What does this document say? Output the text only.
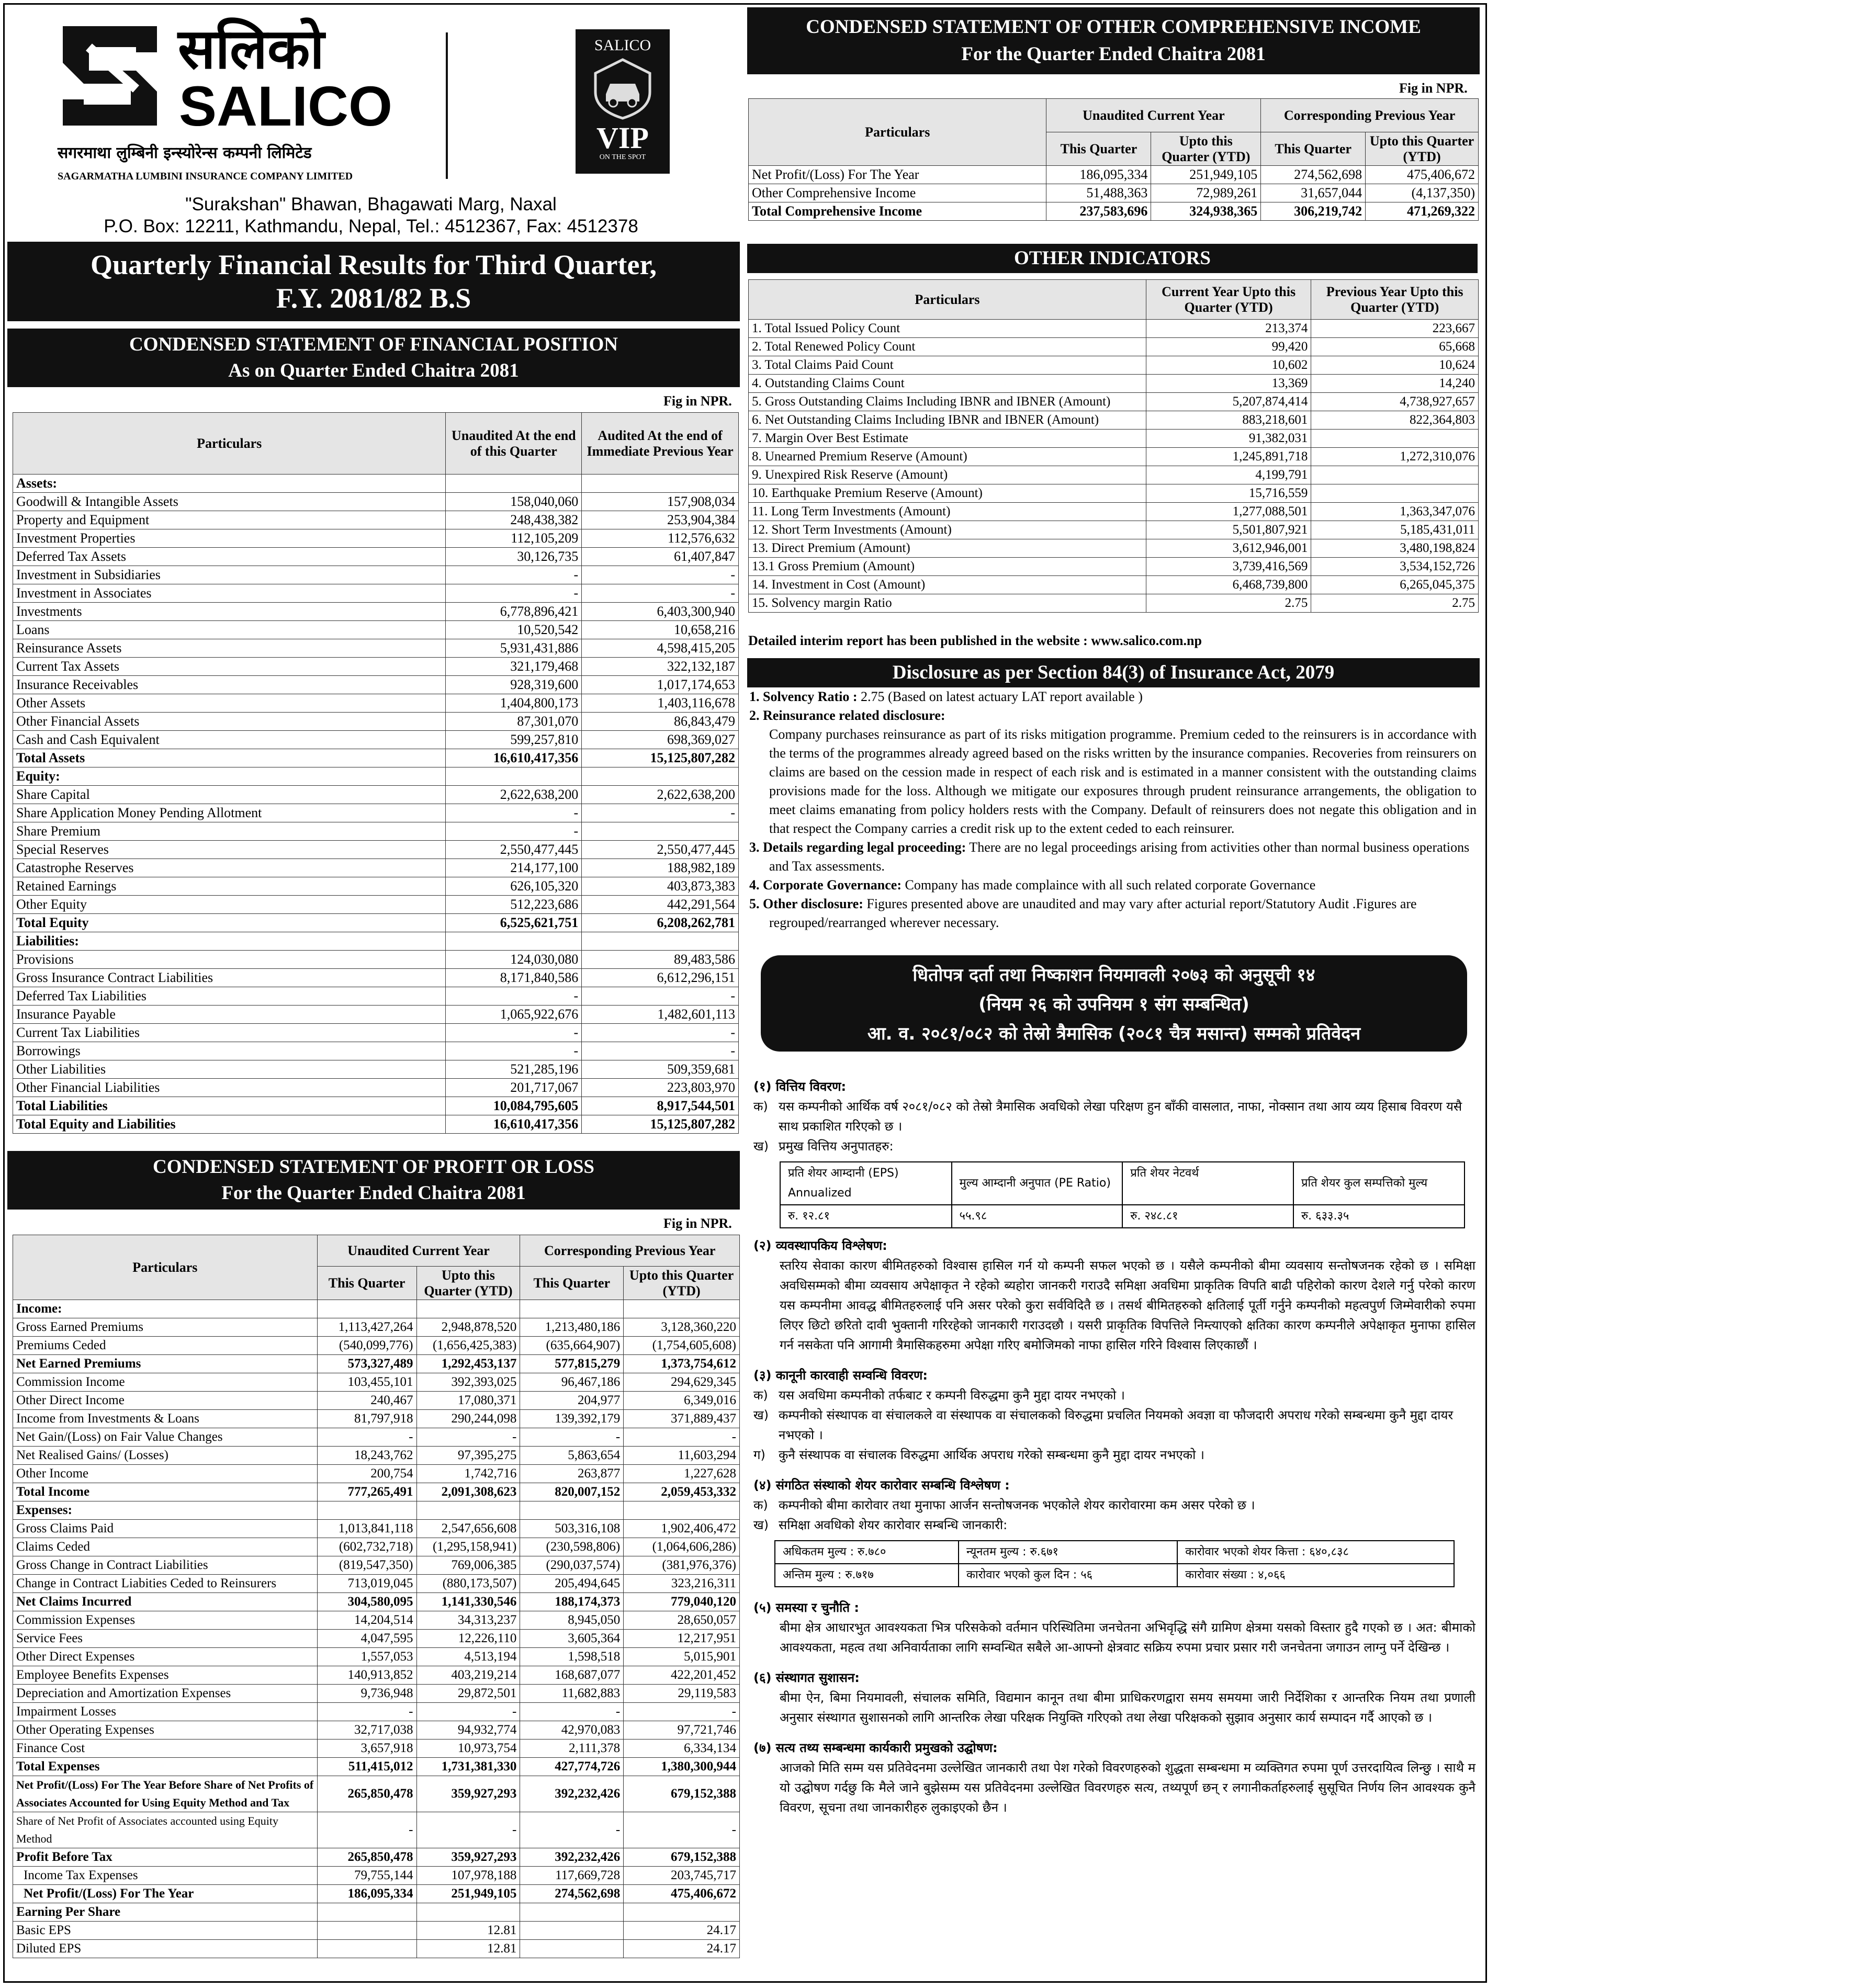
सलिको
SALICO
सगरमाथा लुम्बिनी इन्स्योरेन्स कम्पनी लिमिटेड
SAGARMATHA LUMBINI INSURANCE COMPANY LIMITED
SALICO
VIP
ON THE SPOT
"Surakshan" Bhawan, Bhagawati Marg, Naxal
P.O. Box: 12211, Kathmandu, Nepal, Tel.: 4512367, Fax: 4512378
Quarterly Financial Results for Third Quarter,
F.Y. 2081/82 B.S
CONDENSED STATEMENT OF FINANCIAL POSITION
As on Quarter Ended Chaitra 2081
Fig in NPR.
Particulars	Unaudited At the end of this Quarter	Audited At the end of Immediate Previous Year
Assets:		
Goodwill & Intangible Assets	158,040,060	157,908,034
Property and Equipment	248,438,382	253,904,384
Investment Properties	112,105,209	112,576,632
Deferred Tax Assets	30,126,735	61,407,847
Investment in Subsidiaries	-	-
Investment in Associates	-	-
Investments	6,778,896,421	6,403,300,940
Loans	10,520,542	10,658,216
Reinsurance Assets	5,931,431,886	4,598,415,205
Current Tax Assets	321,179,468	322,132,187
Insurance Receivables	928,319,600	1,017,174,653
Other Assets	1,404,800,173	1,403,116,678
Other Financial Assets	87,301,070	86,843,479
Cash and Cash Equivalent	599,257,810	698,369,027
Total Assets	16,610,417,356	15,125,807,282
Equity:		
Share Capital	2,622,638,200	2,622,638,200
Share Application Money Pending Allotment	-	-
Share Premium	-	
Special Reserves	2,550,477,445	2,550,477,445
Catastrophe Reserves	214,177,100	188,982,189
Retained Earnings	626,105,320	403,873,383
Other Equity	512,223,686	442,291,564
Total Equity	6,525,621,751	6,208,262,781
Liabilities:		
Provisions	124,030,080	89,483,586
Gross Insurance Contract Liabilities	8,171,840,586	6,612,296,151
Deferred Tax Liabilities	-	-
Insurance Payable	1,065,922,676	1,482,601,113
Current Tax Liabilities	-	-
Borrowings	-	-
Other Liabilities	521,285,196	509,359,681
Other Financial Liabilities	201,717,067	223,803,970
Total Liabilities	10,084,795,605	8,917,544,501
Total Equity and Liabilities	16,610,417,356	15,125,807,282
CONDENSED STATEMENT OF PROFIT OR LOSS
For the Quarter Ended Chaitra 2081
Fig in NPR.
Particulars	Unaudited Current Year		Corresponding Previous Year	
	This Quarter	Upto this Quarter (YTD)	This Quarter	Upto this Quarter (YTD)
Income:				
Gross Earned Premiums	1,113,427,264	2,948,878,520	1,213,480,186	3,128,360,220
Premiums Ceded	(540,099,776)	(1,656,425,383)	(635,664,907)	(1,754,605,608)
Net Earned Premiums	573,327,489	1,292,453,137	577,815,279	1,373,754,612
Commission Income	103,455,101	392,393,025	96,467,186	294,629,345
Other Direct Income	240,467	17,080,371	204,977	6,349,016
Income from Investments & Loans	81,797,918	290,244,098	139,392,179	371,889,437
Net Gain/(Loss) on Fair Value Changes	-	-	-	-
Net Realised Gains/ (Losses)	18,243,762	97,395,275	5,863,654	11,603,294
Other Income	200,754	1,742,716	263,877	1,227,628
Total Income	777,265,491	2,091,308,623	820,007,152	2,059,453,332
Expenses:				
Gross Claims Paid	1,013,841,118	2,547,656,608	503,316,108	1,902,406,472
Claims Ceded	(602,732,718)	(1,295,158,941)	(230,598,806)	(1,064,606,286)
Gross Change in Contract Liabilities	(819,547,350)	769,006,385	(290,037,574)	(381,976,376)
Change in Contract Liabities Ceded to Reinsurers	713,019,045	(880,173,507)	205,494,645	323,216,311
Net Claims Incurred	304,580,095	1,141,330,546	188,174,373	779,040,120
Commission Expenses	14,204,514	34,313,237	8,945,050	28,650,057
Service Fees	4,047,595	12,226,110	3,605,364	12,217,951
Other Direct Expenses	1,557,053	4,513,194	1,598,518	5,015,901
Employee Benefits Expenses	140,913,852	403,219,214	168,687,077	422,201,452
Depreciation and Amortization Expenses	9,736,948	29,872,501	11,682,883	29,119,583
Impairment Losses	-	-	-	-
Other Operating Expenses	32,717,038	94,932,774	42,970,083	97,721,746
Finance Cost	3,657,918	10,973,754	2,111,378	6,334,134
Total Expenses	511,415,012	1,731,381,330	427,774,726	1,380,300,944
Net Profit/(Loss) For The Year Before Share of Net Profits of Associates Accounted for Using Equity Method and Tax	265,850,478	359,927,293	392,232,426	679,152,388
Share of Net Profit of Associates accounted using Equity Method	-	-	-	-
Profit Before Tax	265,850,478	359,927,293	392,232,426	679,152,388
Income Tax Expenses	79,755,144	107,978,188	117,669,728	203,745,717
Net Profit/(Loss) For The Year	186,095,334	251,949,105	274,562,698	475,406,672
Earning Per Share				
Basic EPS		12.81		24.17
Diluted EPS		12.81		24.17
CONDENSED STATEMENT OF OTHER COMPREHENSIVE INCOME
For the Quarter Ended Chaitra 2081
Fig in NPR.
Particulars	Unaudited Current Year		Corresponding Previous Year	
	This Quarter	Upto this Quarter (YTD)	This Quarter	Upto this Quarter (YTD)
Net Profit/(Loss) For The Year	186,095,334	251,949,105	274,562,698	475,406,672
Other Comprehensive Income	51,488,363	72,989,261	31,657,044	(4,137,350)
Total Comprehensive Income	237,583,696	324,938,365	306,219,742	471,269,322
OTHER INDICATORS
Particulars	Current Year Upto this Quarter (YTD)	Previous Year Upto this Quarter (YTD)
1. Total Issued Policy Count	213,374	223,667
2. Total Renewed Policy Count	99,420	65,668
3. Total Claims Paid Count	10,602	10,624
4. Outstanding Claims Count	13,369	14,240
5. Gross Outstanding Claims Including IBNR and IBNER (Amount)	5,207,874,414	4,738,927,657
6. Net Outstanding Claims Including IBNR and IBNER (Amount)	883,218,601	822,364,803
7. Margin Over Best Estimate	91,382,031	
8. Unearned Premium Reserve (Amount)	1,245,891,718	1,272,310,076
9. Unexpired Risk Reserve (Amount)	4,199,791	
10. Earthquake Premium Reserve (Amount)	15,716,559	
11. Long Term Investments (Amount)	1,277,088,501	1,363,347,076
12. Short Term Investments (Amount)	5,501,807,921	5,185,431,011
13. Direct Premium (Amount)	3,612,946,001	3,480,198,824
13.1 Gross Premium (Amount)	3,739,416,569	3,534,152,726
14. Investment in Cost (Amount)	6,468,739,800	6,265,045,375
15. Solvency margin Ratio	2.75	2.75
Detailed interim report has been published in the website : www.salico.com.np
Disclosure as per Section 84(3) of Insurance Act, 2079

1. Solvency Ratio : 2.75 (Based on latest actuary LAT report available )

2. Reinsurance related disclosure:

Company purchases reinsurance as part of its risks mitigation programme. Premium ceded to the reinsurers is in accordance with the terms of the programmes already agreed based on the risks written by the insurance companies. Recoveries from reinsurers on claims are based on the cession made in respect of each risk and is estimated in a manner consistent with the outstanding claims provisions made for the loss. Although we mitigate our exposures through prudent reinsurance arrangements, the obligation to meet claims emanating from policy holders rests with the Company. Default of reinsurers does not negate this obligation and in that respect the Company carries a credit risk up to the extent ceded to each reinsurer.

3. Details regarding legal proceeding: There are no legal proceedings arising from activities other than normal business operations and Tax assessments.

4. Corporate Governance: Company has made complaince with all such related corporate Governance

5. Other disclosure: Figures presented above are unaudited and may vary after acturial report/Statutory Audit .Figures are regrouped/rearranged wherever necessary.

धितोपत्र दर्ता तथा निष्काशन नियमावली २०७३ को अनुसूची १४
(नियम २६ को उपनियम १ संग सम्बन्धित)
आ. व. २०८१/०८२ को तेस्रो त्रैमासिक (२०८१ चैत्र मसान्त) सम्मको प्रतिवेदन
(१) वित्तिय विवरण:
क) यस कम्पनीको आर्थिक वर्ष २०८१/०८२ को तेस्रो त्रैमासिक अवधिको लेखा परिक्षण हुन बाँकी वासलात, नाफा, नोक्सान तथा आय व्यय हिसाब विवरण यसै साथ प्रकाशित गरिएको छ ।
ख) प्रमुख वित्तिय अनुपातहरु:
प्रति शेयर आम्दानी (EPS) Annualized	मुल्य आम्दानी अनुपात (PE Ratio)	प्रति शेयर नेटवर्थ	प्रति शेयर कुल सम्पत्तिको मुल्य
रु. १२.८१	५५.९८	रु. २४८.८१	रु. ६३३.३५
(२) व्यवस्थापकिय विश्लेषण:
स्तरिय सेवाका कारण बीमितहरुको विश्वास हासिल गर्न यो कम्पनी सफल भएको छ । यसैले कम्पनीको बीमा व्यवसाय सन्तोषजनक रहेको छ । समिक्षा अवधिसम्मको बीमा व्यवसाय अपेक्षाकृत ने रहेको ब्यहोरा जानकरी गराउदै समिक्षा अवधिमा प्राकृतिक विपति बाढी पहिरोको कारण देशले गर्नु परेको कारण यस कम्पनीमा आवद्ध बीमितहरुलाई पनि असर परेको कुरा सर्वविदितै छ । तसर्थ बीमितहरुको क्षतिलाई पूर्ती गर्नुने कम्पनीको महत्वपुर्ण जिम्मेवारीको रुपमा लिएर छिटो छरितो दावी भुक्तानी गरिरहेको जानकारी गराउदछौ । यसरी प्राकृतिक विपत्तिले निम्त्याएको क्षतिका कारण कम्पनीले अपेक्षाकृत मुनाफा हासिल गर्न नसकेता पनि आगामी त्रैमासिकहरुमा अपेक्षा गरिए बमोजिमको नाफा हासिल गरिने विश्वास लिएकाछौं ।
(३) कानूनी कारवाही सम्वन्धि विवरण:
क) यस अवधिमा कम्पनीको तर्फबाट र कम्पनी विरुद्धमा कुनै मुद्दा दायर नभएको ।
ख) कम्पनीको संस्थापक वा संचालकले वा संस्थापक वा संचालकको विरुद्धमा प्रचलित नियमको अवज्ञा वा फौजदारी अपराध गरेको सम्बन्धमा कुनै मुद्दा दायर नभएको ।
ग)	कुनै संस्थापक वा संचालक विरुद्धमा आर्थिक अपराध गरेको सम्बन्धमा कुनै मुद्दा दायर नभएको ।
(४) संगठित संस्थाको शेयर कारोवार सम्बन्धि विश्लेषण :
क) कम्पनीको बीमा कारोवार तथा मुनाफा आर्जन सन्तोषजनक भएकोले शेयर कारोवारमा कम असर परेको छ ।
ख) समिक्षा अवधिको शेयर कारोवार सम्बन्धि जानकारी:
अधिकतम मुल्य : रु.७८०	न्यूनतम मुल्य : रु.६७१	कारोवार भएको शेयर कित्ता : ६४०,८३८
अन्तिम मुल्य : रु.७१७	कारोवार भएको कुल दिन : ५६	कारोवार संख्या : ४,०६६
(५) समस्या र चुनौति :
बीमा क्षेत्र आधारभुत आवश्यकता भित्र परिसकेको वर्तमान परिस्थितिमा जनचेतना अभिवृद्धि संगै ग्रामिण क्षेत्रमा यसको विस्तार हुदै गएको छ । अत: बीमाको आवश्यकता, महत्व तथा अनिवार्यताका लागि सम्वन्धित सबैले आ-आफ्नो क्षेत्रवाट सक्रिय रुपमा प्रचार प्रसार गरी जनचेतना जगाउन लाग्नु पर्ने देखिन्छ ।
(६) संस्थागत सुशासन:
बीमा ऐन, बिमा नियमावली, संचालक समिति, विद्यमान कानून तथा बीमा प्राधिकरणद्वारा समय समयमा जारी निर्देशिका र आन्तरिक नियम तथा प्रणाली अनुसार संस्थागत सुशासनको लागि आन्तरिक लेखा परिक्षक नियुक्ति गरिएको तथा लेखा परिक्षकको सुझाव अनुसार कार्य सम्पादन गर्दै आएको छ ।
(७) सत्य तथ्य सम्बन्धमा कार्यकारी प्रमुखको उद्घोषण:
आजको मिति सम्म यस प्रतिवेदनमा उल्लेखित जानकारी तथा पेश गरेको विवरणहरुको शुद्धता सम्बन्धमा म व्यक्तिगत रुपमा पूर्ण उत्तरदायित्व लिन्छु । साथै म यो उद्घोषण गर्दछु कि मैले जाने बुझेसम्म यस प्रतिवेदनमा उल्लेखित विवरणहरु सत्य, तथ्यपूर्ण छन् र लगानीकर्ताहरुलाई सुसूचित निर्णय लिन आवश्यक कुनै विवरण, सूचना तथा जानकारीहरु लुकाइएको छैन ।
